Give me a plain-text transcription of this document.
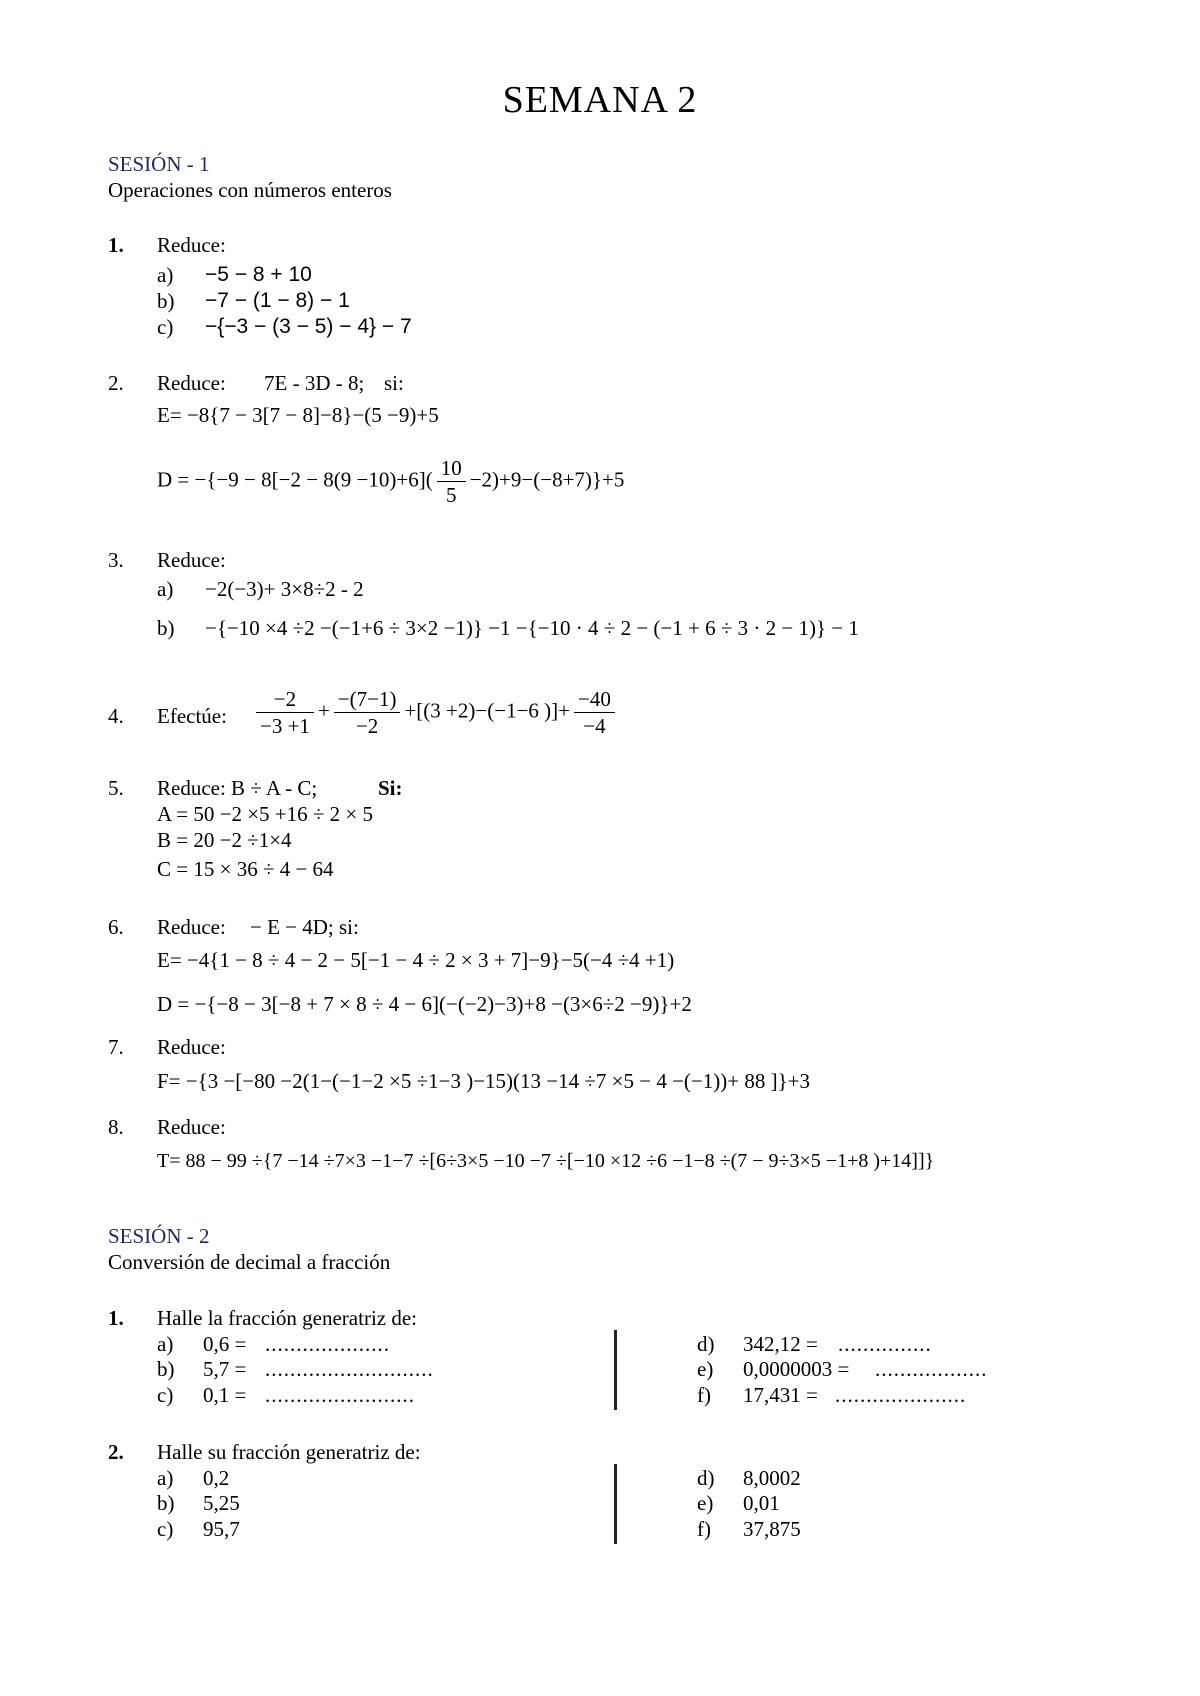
SEMANA 2
SESIÓN - 1
Operaciones con números enteros
1. Reduce:
a) −5 − 8 + 10
b) −7 − (1 − 8) − 1
c) −{−3 − (3 − 5) − 4} − 7
2. Reduce: 7E - 3D - 8; si:
E= −8{7 − 3[7 − 8]−8}−(5 −9)+5
$D = -\{-9 - 8[-2 - 8(9 -10)+6]( \frac{10}{5} -2)+9-(-8+7)\}+5$
3. Reduce:
a) −2(−3)+ 3×8÷2 - 2
b) −{−10 ×4 ÷2 −(−1+6 ÷ 3×2 −1)} −1 −{−10 · 4 ÷ 2 − (−1 + 6 ÷ 3 · 2 − 1)} − 1
4. Efectúe: $\frac{-2}{-3 +1} + \frac{-(7-1)}{-2} +[(3 +2)-(-1-6$ )]+ $\frac{-40}{-4}$
5. Reduce: B ÷ A - C;	Si:
A = 50 −2 ×5 +16 ÷ 2 × 5
B = 20 −2 ÷1×4
C = 15 × 36 ÷ 4 − 64
6. Reduce: − E − 4D; si:
E= −4{1 − 8 ÷ 4 − 2 − 5[−1 − 4 ÷ 2 × 3 + 7]−9}−5(−4 ÷4 +1)
D = −{−8 − 3[−8 + 7 × 8 ÷ 4 − 6](−(−2)−3)+8 −(3×6÷2 −9)}+2
7. Reduce:
F= −{3 −[−80 −2(1−(−1−2 ×5 ÷1−3 )−15)(13 −14 ÷7 ×5 − 4 −(−1))+ 88 ]}+3
8. Reduce:
T= 88 − 99 ÷{7 −14 ÷7×3 −1−7 ÷[6÷3×5 −10 −7 ÷[−10 ×12 ÷6 −1−8 ÷(7 − 9÷3×5 −1+8 )+14]]}
SESIÓN - 2
Conversión de decimal a fracción
1. Halle la fracción generatriz de:
a) 0,6 = ....................
b) 5,7 = ...........................
c) 0,1 = ........................
d) 342,12 = ...............
e) 0,0000003 = ..................
f) 17,431 = .....................
2. Halle su fracción generatriz de:
a) 0,2
b) 5,25
c) 95,7
d) 8,0002
e) 0,01
f) 37,875
